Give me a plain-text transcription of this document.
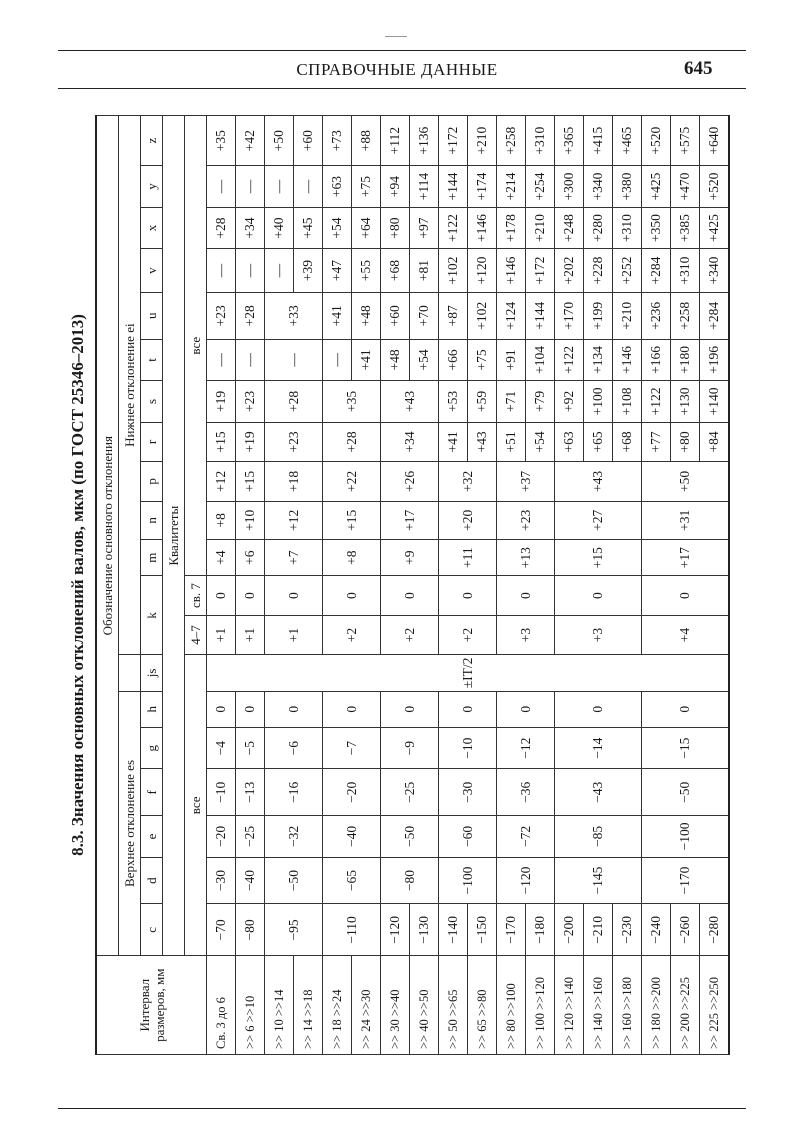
СПРАВОЧНЫЕ ДАННЫЕ	645
8.3. Значения основных отклонений валов, мкм (по ГОСТ 25346–2013)
Интервал размеров, мм	Обозначение основного отклонения																			
	Верхнее отклонение es							Нижнее отклонение ei												
	c	d	e	f	g	h	js	k		m	n	p	r	s	t	u	v	x	y	z
	Квалитеты																			
	все							4–7	св. 7	все										
Св. 3 до 6	−70	−30	−20	−10	−4	0	±IT/2	+1	0	+4	+8	+12	+15	+19	—	+23	—	+28	—	+35
>> 6 >>10	−80	−40	−25	−13	−5	0		+1	0	+6	+10	+15	+19	+23	—	+28	—	+34	—	+42
>> 10 >>14	−95	−50	−32	−16	−6	0		+1	0	+7	+12	+18	+23	+28	—	+33	—	+40	—	+50
>> 14 >>18																	+39	+45	—	+60
>> 18 >>24	−110	−65	−40	−20	−7	0		+2	0	+8	+15	+22	+28	+35	—	+41	+47	+54	+63	+73
>> 24 >>30															+41	+48	+55	+64	+75	+88
>> 30 >>40	−120	−80	−50	−25	−9	0		+2	0	+9	+17	+26	+34	+43	+48	+60	+68	+80	+94	+112
>> 40 >>50	−130														+54	+70	+81	+97	+114	+136
>> 50 >>65	−140	−100	−60	−30	−10	0		+2	0	+11	+20	+32	+41	+53	+66	+87	+102	+122	+144	+172
>> 65 >>80	−150												+43	+59	+75	+102	+120	+146	+174	+210
>> 80 >>100	−170	−120	−72	−36	−12	0		+3	0	+13	+23	+37	+51	+71	+91	+124	+146	+178	+214	+258
>> 100 >>120	−180												+54	+79	+104	+144	+172	+210	+254	+310
>> 120 >>140	−200	−145	−85	−43	−14	0		+3	0	+15	+27	+43	+63	+92	+122	+170	+202	+248	+300	+365
>> 140 >>160	−210												+65	+100	+134	+199	+228	+280	+340	+415
>> 160 >>180	−230												+68	+108	+146	+210	+252	+310	+380	+465
>> 180 >>200	−240	−170	−100	−50	−15	0		+4	0	+17	+31	+50	+77	+122	+166	+236	+284	+350	+425	+520
>> 200 >>225	−260												+80	+130	+180	+258	+310	+385	+470	+575
>> 225 >>250	−280												+84	+140	+196	+284	+340	+425	+520	+640
